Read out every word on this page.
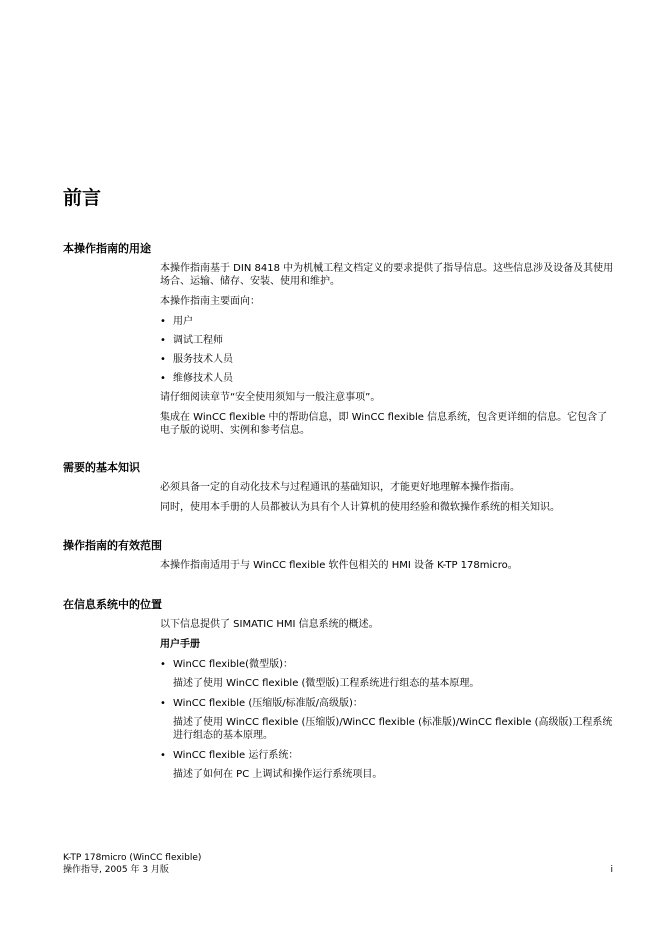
前言
本操作指南的用途

本操作指南基于 DIN 8418 中为机械工程文档定义的要求提供了指导信息。这些信息涉及设备及其使用场合、运输、储存、安装、使用和维护。

本操作指南主要面向：

• 用户
• 调试工程师
• 服务技术人员
• 维修技术人员

请仔细阅读章节“安全使用须知与一般注意事项”。

集成在 WinCC flexible 中的帮助信息，即 WinCC flexible 信息系统，包含更详细的信息。它包含了电子版的说明、实例和参考信息。

需要的基本知识

必须具备一定的自动化技术与过程通讯的基础知识，才能更好地理解本操作指南。

同时，使用本手册的人员都被认为具有个人计算机的使用经验和微软操作系统的相关知识。

操作指南的有效范围

本操作指南适用于与 WinCC flexible 软件包相关的 HMI 设备 K-TP 178micro。

在信息系统中的位置

以下信息提供了 SIMATIC HMI 信息系统的概述。

用户手册

• WinCC flexible(微型版)：

描述了使用 WinCC flexible (微型版)工程系统进行组态的基本原理。

• WinCC flexible (压缩版/标准版/高级版)：

描述了使用 WinCC flexible (压缩版)/WinCC flexible (标准版)/WinCC flexible (高级版)工程系统进行组态的基本原理。

• WinCC flexible 运行系统：

描述了如何在 PC 上调试和操作运行系统项目。

K-TP 178micro (WinCC flexible)
操作指导, 2005 年 3 月版	i
